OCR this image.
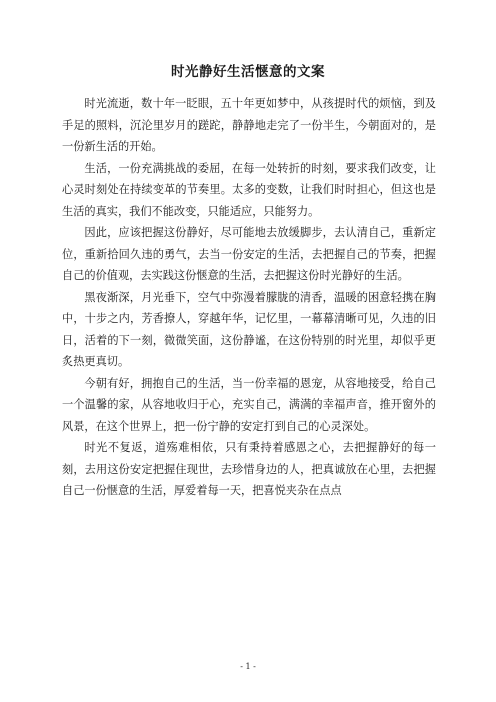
时光静好生活惬意的文案

时光流逝，数十年一眨眼，五十年更如梦中，从孩提时代的烦恼，到及手足的照料，沉沦里岁月的蹉跎，静静地走完了一份半生，今朝面对的，是一份新生活的开始。

生活，一份充满挑战的委屈，在每一处转折的时刻，要求我们改变，让心灵时刻处在持续变革的节奏里。太多的变数，让我们时时担心，但这也是生活的真实，我们不能改变，只能适应，只能努力。

因此，应该把握这份静好，尽可能地去放缓脚步，去认清自己，重新定位，重新拾回久违的勇气，去当一份安定的生活，去把握自己的节奏，把握自己的价值观，去实践这份惬意的生活，去把握这份时光静好的生活。

黑夜渐深，月光垂下，空气中弥漫着朦胧的清香，温暖的困意轻携在胸中，十步之内，芳香撩人，穿越年华，记忆里，一幕幕清晰可见，久违的旧日，活着的下一刻，微微笑面，这份静谧，在这份特别的时光里，却似乎更炙热更真切。

今朝有好，拥抱自己的生活，当一份幸福的恩宠，从容地接受，给自己一个温馨的家，从容地收归于心，充实自己，满满的幸福声音，推开窗外的风景，在这个世界上，把一份宁静的安定打到自己的心灵深处。

时光不复返，道殇难相依，只有秉持着感恩之心，去把握静好的每一刻，去用这份安定把握住现世，去珍惜身边的人，把真诚放在心里，去把握自己一份惬意的生活，厚爱着每一天，把喜悦夹杂在点点

- 1 -
